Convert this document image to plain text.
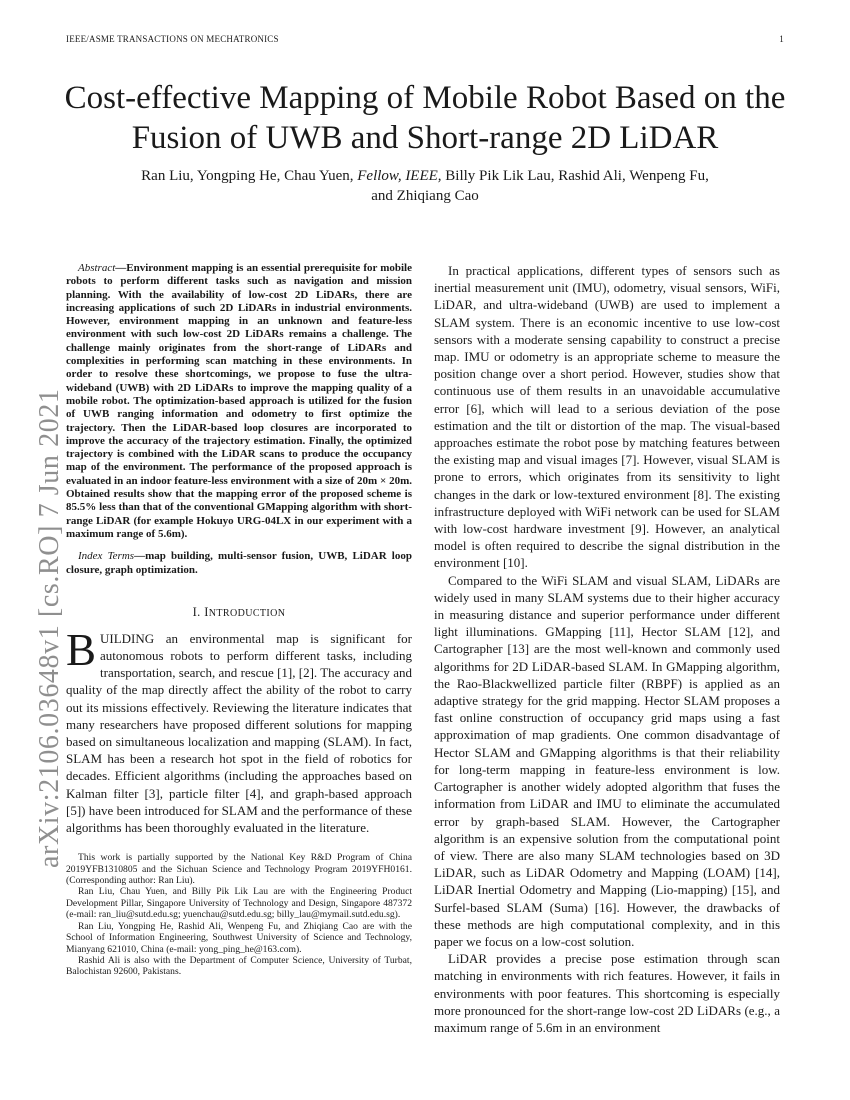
IEEE/ASME TRANSACTIONS ON MECHATRONICS	1
Cost-effective Mapping of Mobile Robot Based on the Fusion of UWB and Short-range 2D LiDAR
Ran Liu, Yongping He, Chau Yuen, Fellow, IEEE, Billy Pik Lik Lau, Rashid Ali, Wenpeng Fu,
and Zhiqiang Cao
arXiv:2106.03648v1 [cs.RO] 7 Jun 2021

Abstract—Environment mapping is an essential prerequisite for mobile robots to perform different tasks such as navigation and mission planning. With the availability of low-cost 2D LiDARs, there are increasing applications of such 2D LiDARs in industrial environments. However, environment mapping in an unknown and feature-less environment with such low-cost 2D LiDARs remains a challenge. The challenge mainly originates from the short-range of LiDARs and complexities in performing scan matching in these environments. In order to resolve these shortcomings, we propose to fuse the ultra-wideband (UWB) with 2D LiDARs to improve the mapping quality of a mobile robot. The optimization-based approach is utilized for the fusion of UWB ranging information and odometry to first optimize the trajectory. Then the LiDAR-based loop closures are incorporated to improve the accuracy of the trajectory estimation. Finally, the optimized trajectory is combined with the LiDAR scans to produce the occupancy map of the environment. The performance of the proposed approach is evaluated in an indoor feature-less environment with a size of 20m × 20m. Obtained results show that the mapping error of the proposed scheme is 85.5% less than that of the conventional GMapping algorithm with short-range LiDAR (for example Hokuyo URG-04LX in our experiment with a maximum range of 5.6m).

Index Terms—map building, multi-sensor fusion, UWB, LiDAR loop closure, graph optimization.

I. INTRODUCTION

BUILDING an environmental map is significant for autonomous robots to perform different tasks, including transportation, search, and rescue [1], [2]. The accuracy and quality of the map directly affect the ability of the robot to carry out its missions effectively. Reviewing the literature indicates that many researchers have proposed different solutions for mapping based on simultaneous localization and mapping (SLAM). In fact, SLAM has been a research hot spot in the field of robotics for decades. Efficient algorithms (including the approaches based on Kalman filter [3], particle filter [4], and graph-based approach [5]) have been introduced for SLAM and the performance of these algorithms has been thoroughly evaluated in the literature.

This work is partially supported by the National Key R&D Program of China 2019YFB1310805 and the Sichuan Science and Technology Program 2019YFH0161. (Corresponding author: Ran Liu).

Ran Liu, Chau Yuen, and Billy Pik Lik Lau are with the Engineering Product Development Pillar, Singapore University of Technology and Design, Singapore 487372 (e-mail: ran_liu@sutd.edu.sg; yuenchau@sutd.edu.sg; billy_lau@mymail.sutd.edu.sg).

Ran Liu, Yongping He, Rashid Ali, Wenpeng Fu, and Zhiqiang Cao are with the School of Information Engineering, Southwest University of Science and Technology, Mianyang 621010, China (e-mail: yong_ping_he@163.com).

Rashid Ali is also with the Department of Computer Science, University of Turbat, Balochistan 92600, Pakistans.

In practical applications, different types of sensors such as inertial measurement unit (IMU), odometry, visual sensors, WiFi, LiDAR, and ultra-wideband (UWB) are used to implement a SLAM system. There is an economic incentive to use low-cost sensors with a moderate sensing capability to construct a precise map. IMU or odometry is an appropriate scheme to measure the position change over a short period. However, studies show that continuous use of them results in an unavoidable accumulative error [6], which will lead to a serious deviation of the pose estimation and the tilt or distortion of the map. The visual-based approaches estimate the robot pose by matching features between the existing map and visual images [7]. However, visual SLAM is prone to errors, which originates from its sensitivity to light changes in the dark or low-textured environment [8]. The existing infrastructure deployed with WiFi network can be used for SLAM with low-cost hardware investment [9]. However, an analytical model is often required to describe the signal distribution in the environment [10].

Compared to the WiFi SLAM and visual SLAM, LiDARs are widely used in many SLAM systems due to their higher accuracy in measuring distance and superior performance under different light illuminations. GMapping [11], Hector SLAM [12], and Cartographer [13] are the most well-known and commonly used algorithms for 2D LiDAR-based SLAM. In GMapping algorithm, the Rao-Blackwellized particle filter (RBPF) is applied as an adaptive strategy for the grid mapping. Hector SLAM proposes a fast online construction of occupancy grid maps using a fast approximation of map gradients. One common disadvantage of Hector SLAM and GMapping algorithms is that their reliability for long-term mapping in feature-less environment is low. Cartographer is another widely adopted algorithm that fuses the information from LiDAR and IMU to eliminate the accumulated error by graph-based SLAM. However, the Cartographer algorithm is an expensive solution from the computational point of view. There are also many SLAM technologies based on 3D LiDAR, such as LiDAR Odometry and Mapping (LOAM) [14], LiDAR Inertial Odometry and Mapping (Lio-mapping) [15], and Surfel-based SLAM (Suma) [16]. However, the drawbacks of these methods are high computational complexity, and in this paper we focus on a low-cost solution.

LiDAR provides a precise pose estimation through scan matching in environments with rich features. However, it fails in environments with poor features. This shortcoming is especially more pronounced for the short-range low-cost 2D LiDARs (e.g., a maximum range of 5.6m in an environment
